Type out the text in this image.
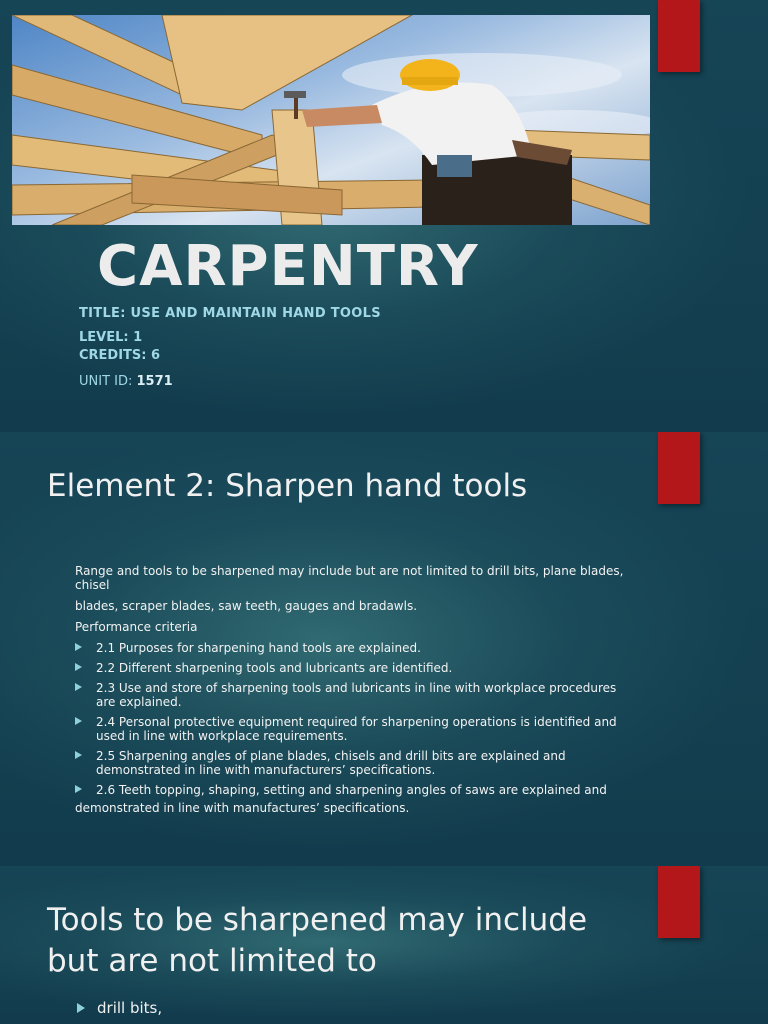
CARPENTRY
TITLE: USE AND MAINTAIN HAND TOOLS
LEVEL: 1
CREDITS: 6
UNIT ID: 1571
Element 2: Sharpen hand tools

Range and tools to be sharpened may include but are not limited to drill bits, plane blades, chisel

blades, scraper blades, saw teeth, gauges and bradawls.

Performance criteria

2.1 Purposes for sharpening hand tools are explained.
2.2 Different sharpening tools and lubricants are identified.
2.3 Use and store of sharpening tools and lubricants in line with workplace procedures are explained.
2.4 Personal protective equipment required for sharpening operations is identified and used in line with workplace requirements.
2.5 Sharpening angles of plane blades, chisels and drill bits are explained and demonstrated in line with manufacturers’ specifications.
2.6 Teeth topping, shaping, setting and sharpening angles of saws are explained and

demonstrated in line with manufactures’ specifications.

Tools to be sharpened may include but are not limited to
drill bits,
